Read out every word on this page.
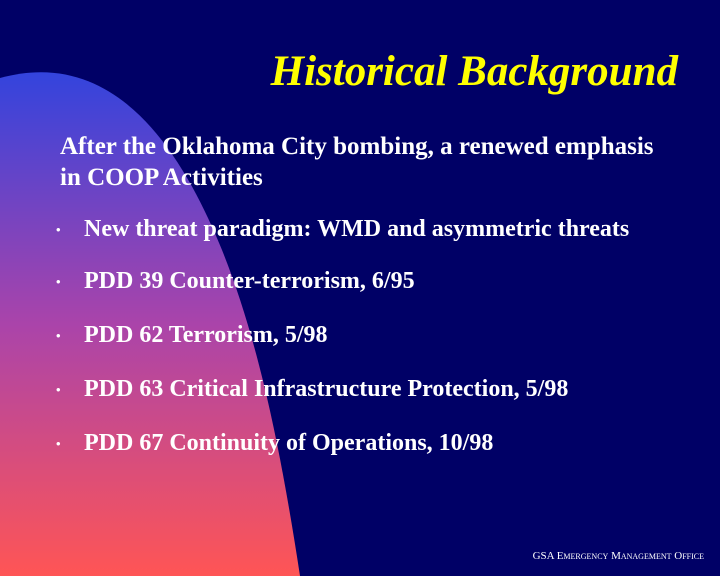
Historical Background

After the Oklahoma City bombing, a renewed emphasis in COOP Activities

• New threat paradigm: WMD and asymmetric threats
• PDD 39 Counter-terrorism, 6/95
• PDD 62 Terrorism, 5/98
• PDD 63 Critical Infrastructure Protection, 5/98
• PDD 67 Continuity of Operations, 10/98
GSA Emergency Management Office
